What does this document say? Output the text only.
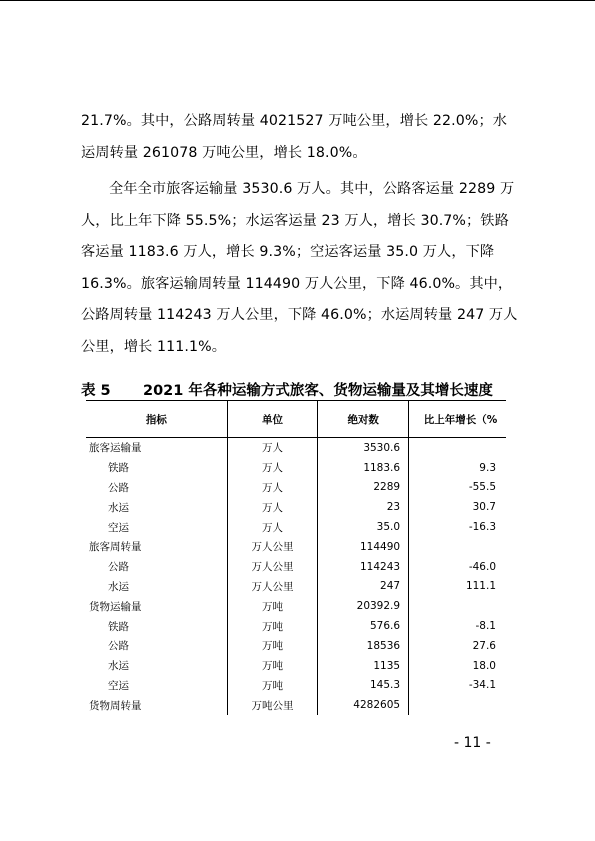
21.7%。其中，公路周转量 4021527 万吨公里，增长 22.0%；水运周转量 261078 万吨公里，增长 18.0%。

全年全市旅客运输量 3530.6 万人。其中，公路客运量 2289 万人，比上年下降 55.5%；水运客运量 23 万人，增长 30.7%；铁路客运量 1183.6 万人，增长 9.3%；空运客运量 35.0 万人，下降 16.3%。旅客运输周转量 114490 万人公里，下降 46.0%。其中，公路周转量 114243 万人公里，下降 46.0%；水运周转量 247 万人公里，增长 111.1%。

表 5 2021 年各种运输方式旅客、货物运输量及其增长速度
指标	单位	绝对数	比上年增长（%
旅客运输量	万人	3530.6	
铁路	万人	1183.6	9.3
公路	万人	2289	-55.5
水运	万人	23	30.7
空运	万人	35.0	-16.3
旅客周转量	万人公里	114490	
公路	万人公里	114243	-46.0
水运	万人公里	247	111.1
货物运输量	万吨	20392.9	
铁路	万吨	576.6	-8.1
公路	万吨	18536	27.6
水运	万吨	1135	18.0
空运	万吨	145.3	-34.1
货物周转量	万吨公里	4282605	
- 11 -
